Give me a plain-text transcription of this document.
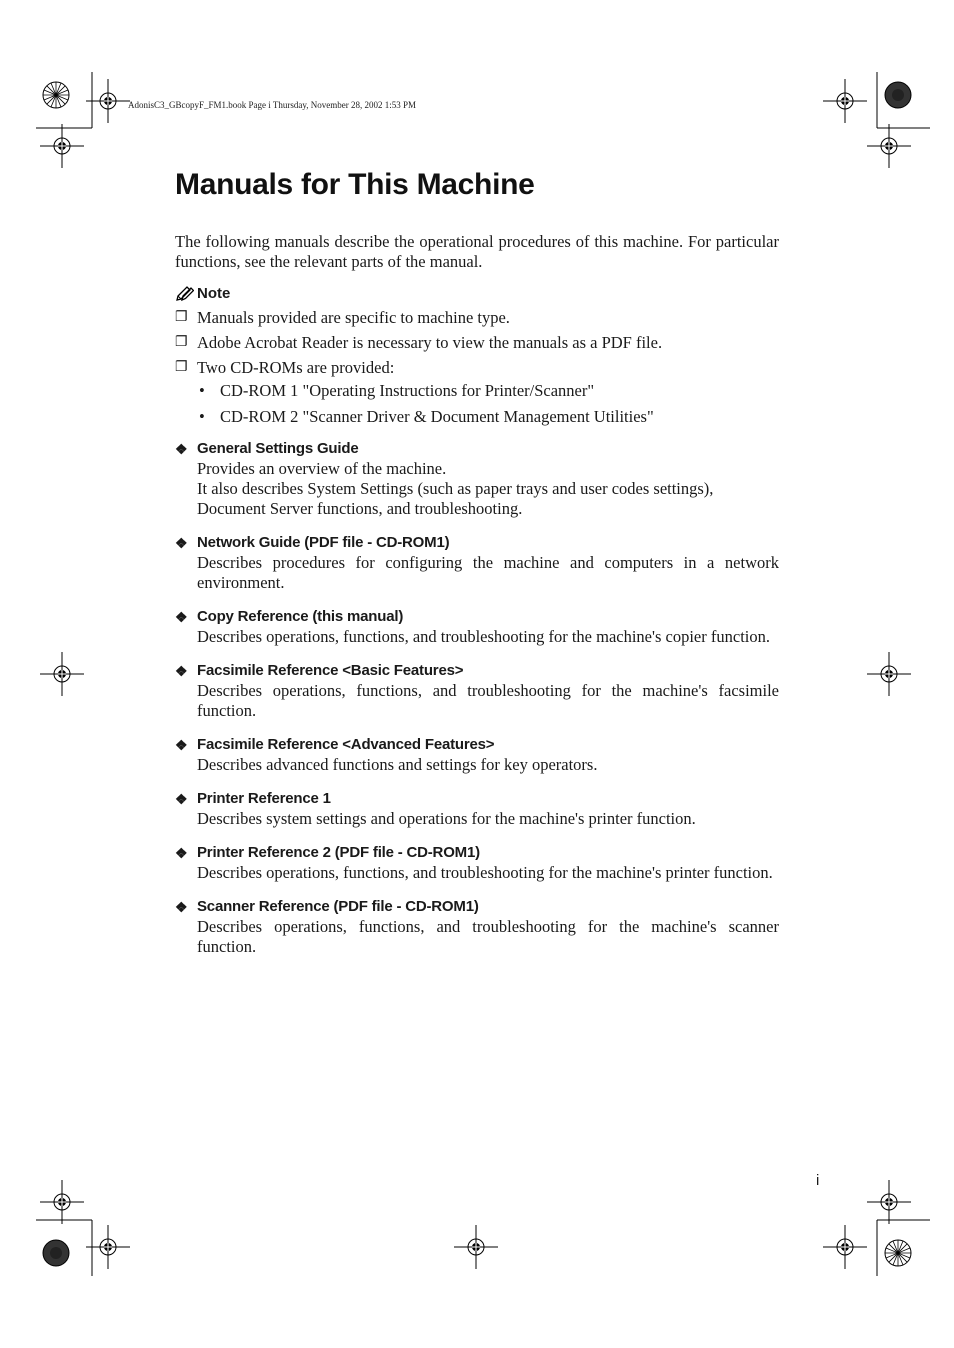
AdonisC3_GBcopyF_FM1.book Page i Thursday, November 28, 2002 1:53 PM
Manuals for This Machine

The following manuals describe the operational procedures of this machine. For particular functions, see the relevant parts of the manual.

Note
❐ Manuals provided are specific to machine type.
❐ Adobe Acrobat Reader is necessary to view the manuals as a PDF file.
❐ Two CD-ROMs are provided:
• CD-ROM 1 "Operating Instructions for Printer/Scanner"
• CD-ROM 2 "Scanner Driver & Document Management Utilities"
❖ General Settings Guide

Provides an overview of the machine.

It also describes System Settings (such as paper trays and user codes settings), Document Server functions, and troubleshooting.

❖ Network Guide (PDF file - CD-ROM1)

Describes procedures for configuring the machine and computers in a network environment.

❖ Copy Reference (this manual)

Describes operations, functions, and troubleshooting for the machine's copier function.

❖ Facsimile Reference <Basic Features>

Describes operations, functions, and troubleshooting for the machine's facsimile function.

❖ Facsimile Reference <Advanced Features>

Describes advanced functions and settings for key operators.

❖ Printer Reference 1

Describes system settings and operations for the machine's printer function.

❖ Printer Reference 2 (PDF file - CD-ROM1)

Describes operations, functions, and troubleshooting for the machine's printer function.

❖ Scanner Reference (PDF file - CD-ROM1)

Describes operations, functions, and troubleshooting for the machine's scanner function.

i
